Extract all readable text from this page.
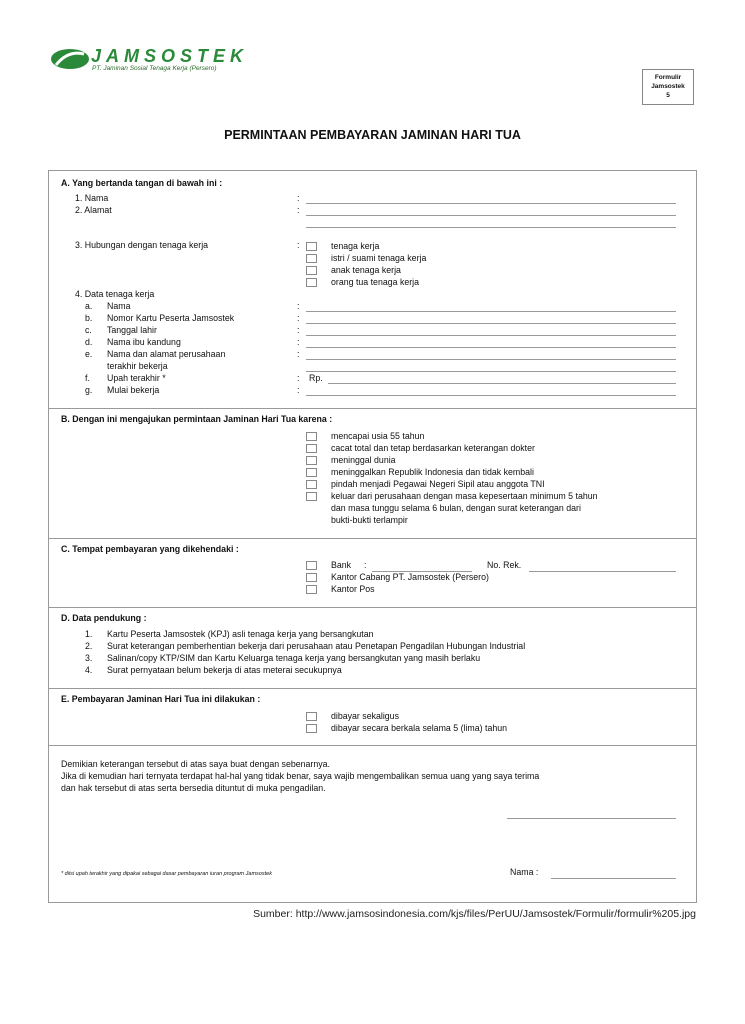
JAMSOSTEK
PT. Jaminan Sosial Tenaga Kerja (Persero)
Formulir
Jamsostek
5
PERMINTAAN PEMBAYARAN JAMINAN HARI TUA
A. Yang bertanda tangan di bawah ini :
1. Nama	:
2. Alamat	:
3. Hubungan dengan tenaga kerja	:	tenaga kerja
istri / suami tenaga kerja
anak tenaga kerja
orang tua tenaga kerja
4. Data tenaga kerja
a. Nama	:
b. Nomor Kartu Peserta Jamsostek	:
c. Tanggal lahir	:
d. Nama ibu kandung	:
e. Nama dan alamat perusahaan	:
terakhir bekerja
f. Upah terakhir *	: Rp.
g. Mulai bekerja	:
B. Dengan ini mengajukan permintaan Jaminan Hari Tua karena :
mencapai usia 55 tahun
cacat total dan tetap berdasarkan keterangan dokter
meninggal dunia
meninggalkan Republik Indonesia dan tidak kembali
pindah menjadi Pegawai Negeri Sipil atau anggota TNI
keluar dari perusahaan dengan masa kepesertaan minimum 5 tahun
dan masa tunggu selama 6 bulan, dengan surat keterangan dari
bukti-bukti terlampir
C. Tempat pembayaran yang dikehendaki :
Bank :	No. Rek.
Kantor Cabang PT. Jamsostek (Persero)
Kantor Pos
D. Data pendukung :
1. Kartu Peserta Jamsostek (KPJ) asli tenaga kerja yang bersangkutan
2. Surat keterangan pemberhentian bekerja dari perusahaan atau Penetapan Pengadilan Hubungan Industrial
3. Salinan/copy KTP/SIM dan Kartu Keluarga tenaga kerja yang bersangkutan yang masih berlaku
4. Surat pernyataan belum bekerja di atas meterai secukupnya
E. Pembayaran Jaminan Hari Tua ini dilakukan :
dibayar sekaligus
dibayar secara berkala selama 5 (lima) tahun
Demikian keterangan tersebut di atas saya buat dengan sebenarnya.
Jika di kemudian hari ternyata terdapat hal-hal yang tidak benar, saya wajib mengembalikan semua uang yang saya terima
dan hak tersebut di atas serta bersedia dituntut di muka pengadilan.
* diisi upah terakhir yang dipakai sebagai dasar pembayaran iuran program Jamsostek	Nama :
Sumber: http://www.jamsosindonesia.com/kjs/files/PerUU/Jamsostek/Formulir/formulir%205.jpg
